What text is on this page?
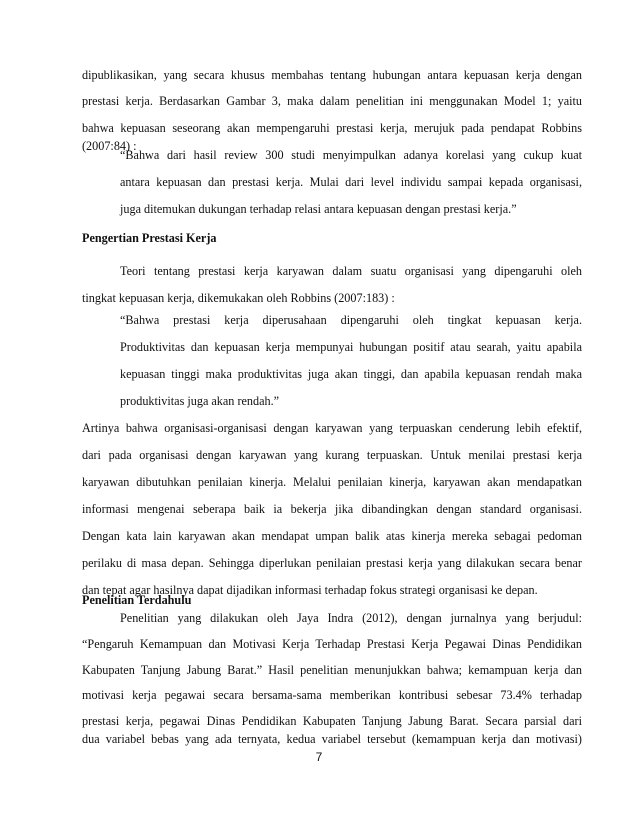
dipublikasikan, yang secara khusus membahas tentang hubungan antara kepuasan kerja dengan
prestasi kerja. Berdasarkan Gambar 3, maka dalam penelitian ini menggunakan Model 1; yaitu
bahwa kepuasan seseorang akan mempengaruhi prestasi kerja, merujuk pada pendapat Robbins
(2007:84) :
“Bahwa dari hasil review 300 studi menyimpulkan adanya korelasi yang cukup kuat
antara kepuasan dan prestasi kerja. Mulai dari level individu sampai kepada organisasi,
juga ditemukan dukungan terhadap relasi antara kepuasan dengan prestasi kerja.”
Pengertian Prestasi Kerja
Teori tentang prestasi kerja karyawan dalam suatu organisasi yang dipengaruhi oleh
tingkat kepuasan kerja, dikemukakan oleh Robbins (2007:183) :
“Bahwa prestasi kerja diperusahaan dipengaruhi oleh tingkat kepuasan kerja.
Produktivitas dan kepuasan kerja mempunyai hubungan positif atau searah, yaitu apabila
kepuasan tinggi maka produktivitas juga akan tinggi, dan apabila kepuasan rendah maka
produktivitas juga akan rendah.”
Artinya bahwa organisasi-organisasi dengan karyawan yang terpuaskan cenderung lebih efektif,
dari pada organisasi dengan karyawan yang kurang terpuaskan. Untuk menilai prestasi kerja
karyawan dibutuhkan penilaian kinerja. Melalui penilaian kinerja, karyawan akan mendapatkan
informasi mengenai seberapa baik ia bekerja jika dibandingkan dengan standard organisasi.
Dengan kata lain karyawan akan mendapat umpan balik atas kinerja mereka sebagai pedoman
perilaku di masa depan. Sehingga diperlukan penilaian prestasi kerja yang dilakukan secara benar
dan tepat agar hasilnya dapat dijadikan informasi terhadap fokus strategi organisasi ke depan.
7
Penelitian Terdahulu
Penelitian yang dilakukan oleh Jaya Indra (2012), dengan jurnalnya yang berjudul:
“Pengaruh Kemampuan dan Motivasi Kerja Terhadap Prestasi Kerja Pegawai Dinas Pendidikan
Kabupaten Tanjung Jabung Barat.” Hasil penelitian menunjukkan bahwa; kemampuan kerja dan
motivasi kerja pegawai secara bersama-sama memberikan kontribusi sebesar 73.4% terhadap
prestasi kerja, pegawai Dinas Pendidikan Kabupaten Tanjung Jabung Barat. Secara parsial dari
dua variabel bebas yang ada ternyata, kedua variabel tersebut (kemampuan kerja dan motivasi)
